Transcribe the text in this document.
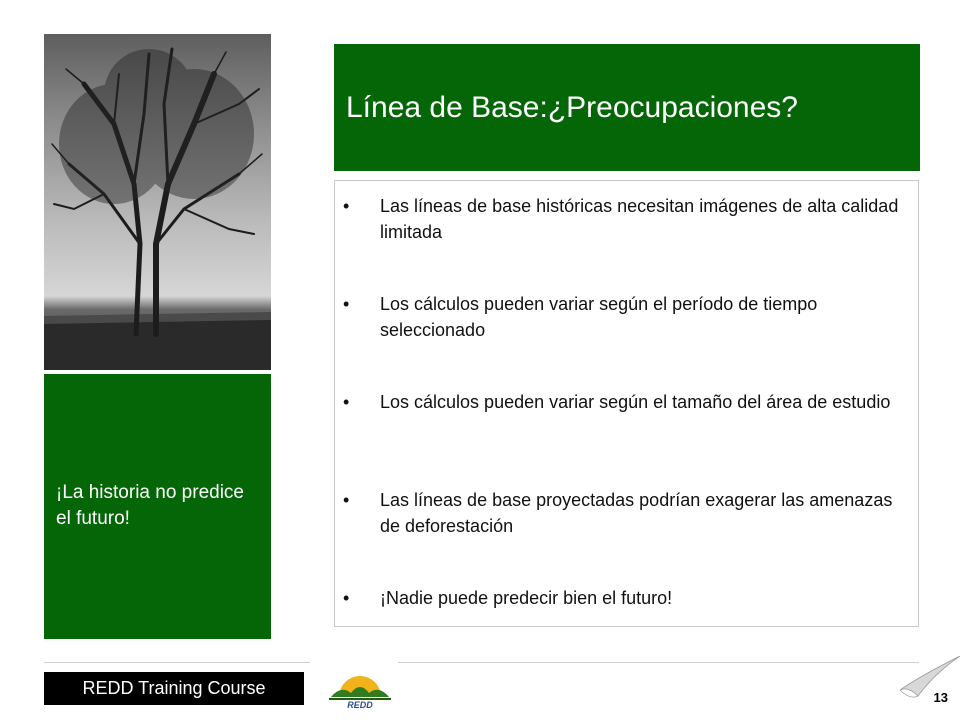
¡La historia no predice el futuro!
Línea de Base:¿Preocupaciones?
•	Las líneas de base históricas necesitan imágenes de alta calidad limitada
•	Los cálculos pueden variar según el período de tiempo seleccionado
•	Los cálculos pueden variar según el tamaño del área de estudio
•	Las líneas de base proyectadas podrían exagerar las amenazas de deforestación
•	¡Nadie puede predecir bien el futuro!
REDD Training Course
REDD	13
